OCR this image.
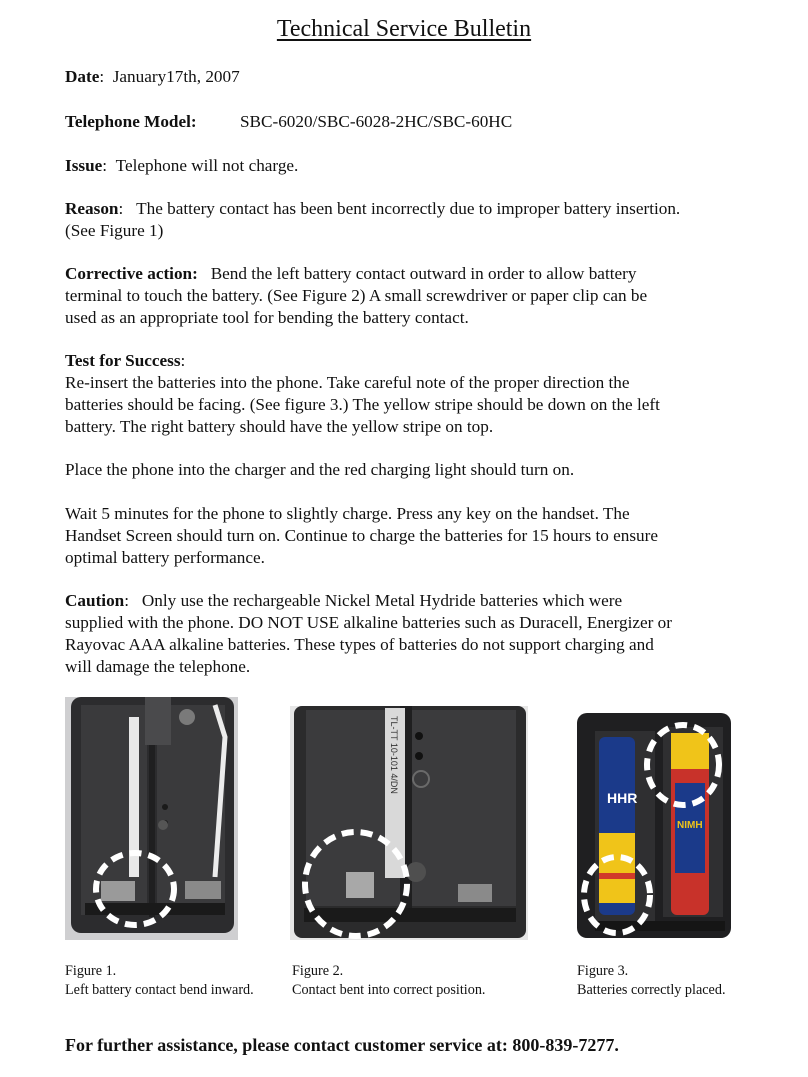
Technical Service Bulletin
Date:  January17th, 2007
Telephone Model:	SBC-6020/SBC-6028-2HC/SBC-60HC
Issue:  Telephone will not charge.
Reason:   The battery contact has been bent incorrectly due to improper battery insertion.
(See Figure 1)
Corrective action: Bend the left battery contact outward in order to allow battery
terminal to touch the battery. (See Figure 2) A small screwdriver or paper clip can be
used as an appropriate tool for bending the battery contact.
Test for Success:
Re-insert the batteries into the phone. Take careful note of the proper direction the
batteries should be facing. (See figure 3.) The yellow stripe should be down on the left
battery. The right battery should have the yellow stripe on top.
Place the phone into the charger and the red charging light should turn on.
Wait 5 minutes for the phone to slightly charge. Press any key on the handset. The
Handset Screen should turn on. Continue to charge the batteries for 15 hours to ensure
optimal battery performance.
Caution:   Only use the rechargeable Nickel Metal Hydride batteries which were
supplied with the phone. DO NOT USE alkaline batteries such as Duracell, Energizer or
Rayovac AAA alkaline batteries. These types of batteries do not support charging and
will damage the telephone.
TL-TT 10-101 4/DN
HHR
NIMH
Figure 1.
Left battery contact bend inward.
Figure 2.
Contact bent into correct position.
Figure 3.
Batteries correctly placed.
For further assistance, please contact customer service at: 800-839-7277.
